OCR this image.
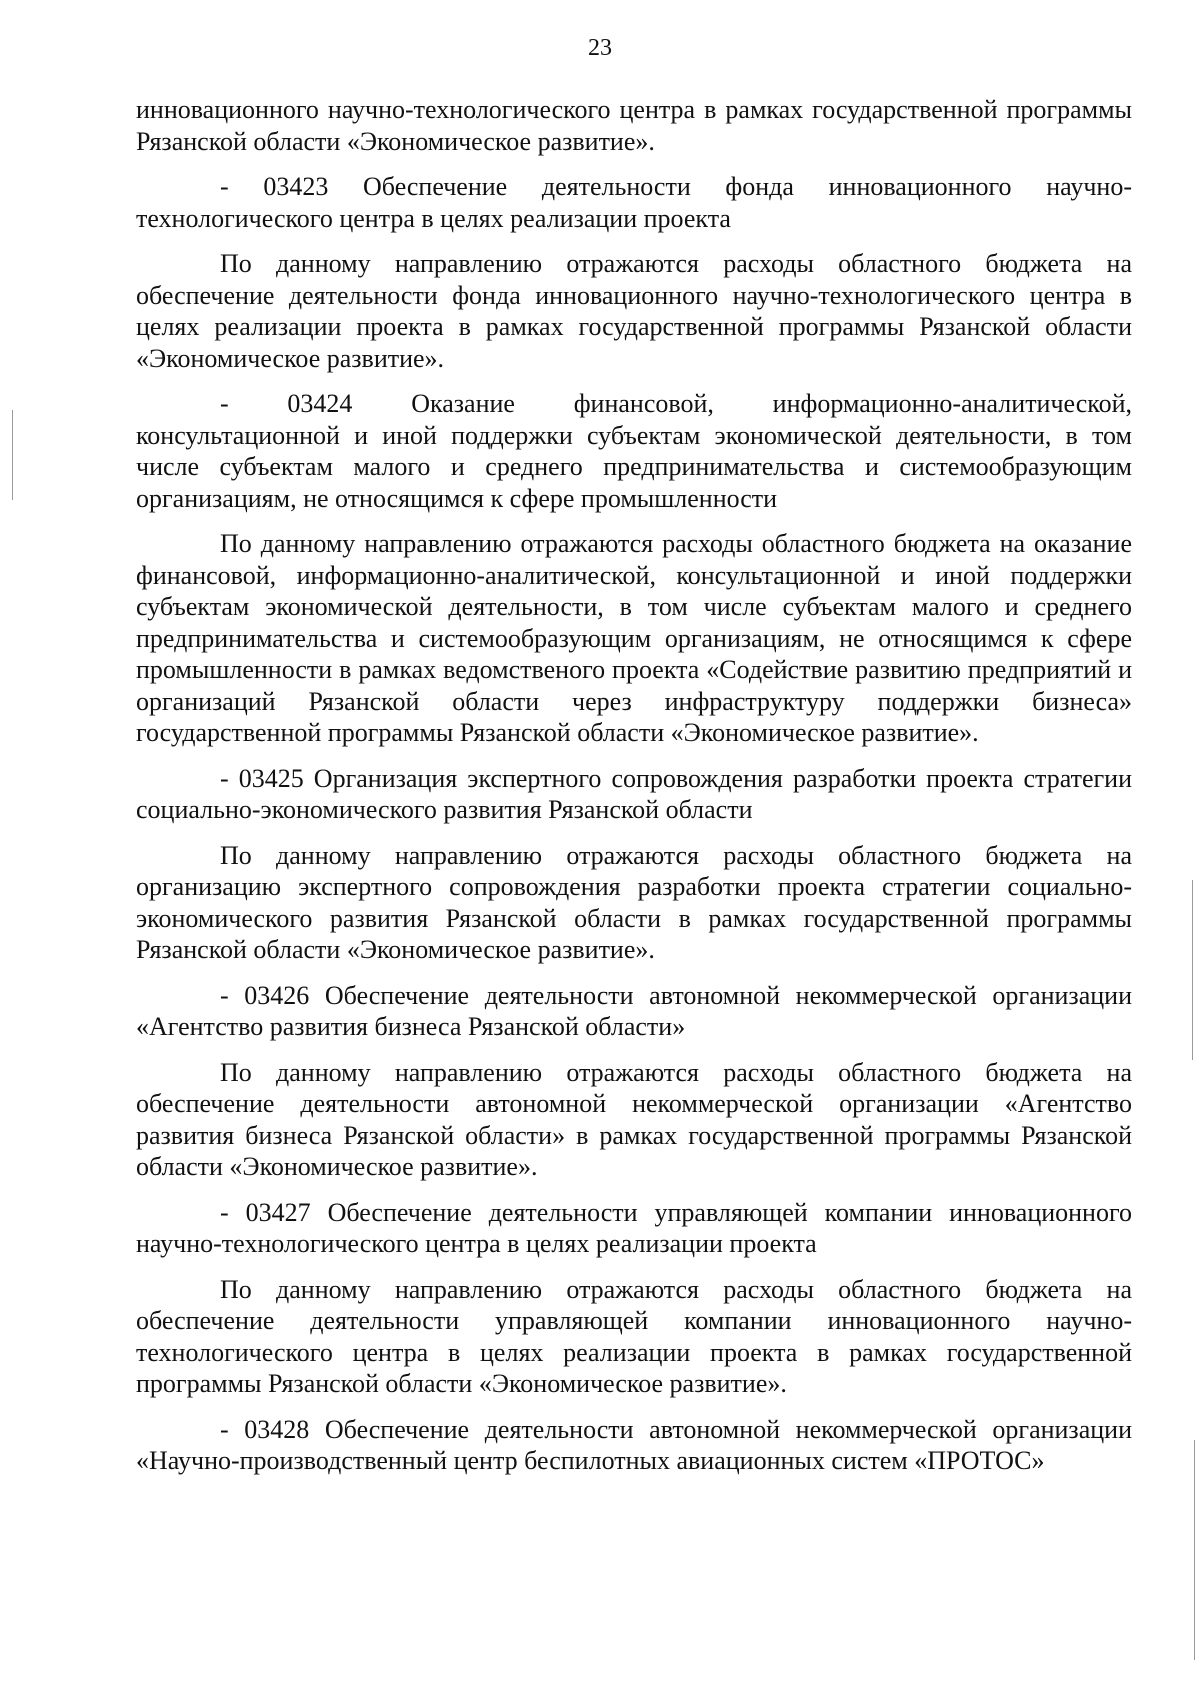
23

инновационного научно-технологического центра в рамках государственной программы Рязанской области «Экономическое развитие».

- 03423 Обеспечение деятельности фонда инновационного научно-технологического центра в целях реализации проекта

По данному направлению отражаются расходы областного бюджета на обеспечение деятельности фонда инновационного научно-технологического центра в целях реализации проекта в рамках государственной программы Рязанской области «Экономическое развитие».

- 03424 Оказание финансовой, информационно-аналитической, консультационной и иной поддержки субъектам экономической деятельности, в том числе субъектам малого и среднего предпринимательства и системообразующим организациям, не относящимся к сфере промышленности

По данному направлению отражаются расходы областного бюджета на оказание финансовой, информационно-аналитической, консультационной и иной поддержки субъектам экономической деятельности, в том числе субъектам малого и среднего предпринимательства и системообразующим организациям, не относящимся к сфере промышленности в рамках ведомственого проекта «Содействие развитию предприятий и организаций Рязанской области через инфраструктуру поддержки бизнеса» государственной программы Рязанской области «Экономическое развитие».

- 03425 Организация экспертного сопровождения разработки проекта стратегии социально-экономического развития Рязанской области

По данному направлению отражаются расходы областного бюджета на организацию экспертного сопровождения разработки проекта стратегии социально-экономического развития Рязанской области в рамках государственной программы Рязанской области «Экономическое развитие».

- 03426 Обеспечение деятельности автономной некоммерческой организации «Агентство развития бизнеса Рязанской области»

По данному направлению отражаются расходы областного бюджета на обеспечение деятельности автономной некоммерческой организации «Агентство развития бизнеса Рязанской области» в рамках государственной программы Рязанской области «Экономическое развитие».

- 03427 Обеспечение деятельности управляющей компании инновационного научно-технологического центра в целях реализации проекта

По данному направлению отражаются расходы областного бюджета на обеспечение деятельности управляющей компании инновационного научно-технологического центра в целях реализации проекта в рамках государственной программы Рязанской области «Экономическое развитие».

- 03428 Обеспечение деятельности автономной некоммерческой организации «Научно-производственный центр беспилотных авиационных систем «ПРОТОС»
